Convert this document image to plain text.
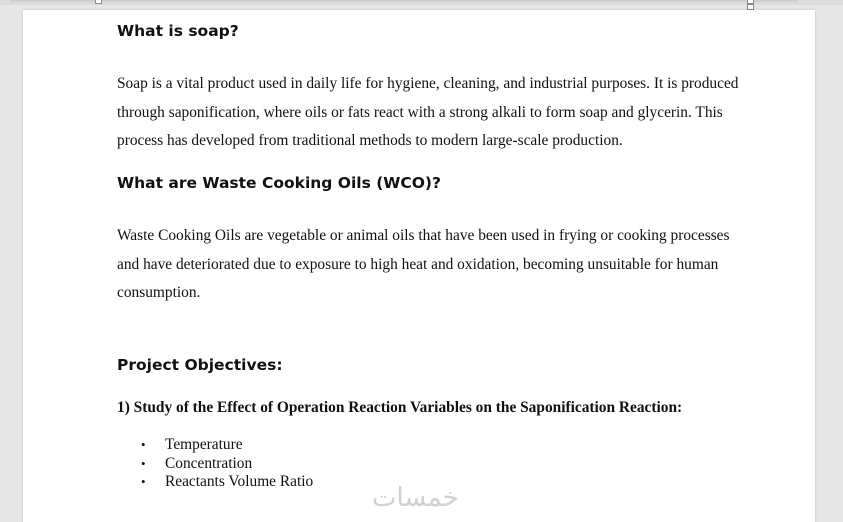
What is soap?
Soap is a vital product used in daily life for hygiene, cleaning, and industrial purposes. It is produced
through saponification, where oils or fats react with a strong alkali to form soap and glycerin. This
process has developed from traditional methods to modern large-scale production.
What are Waste Cooking Oils (WCO)?
Waste Cooking Oils are vegetable or animal oils that have been used in frying or cooking processes
and have deteriorated due to exposure to high heat and oxidation, becoming unsuitable for human
consumption.
Project Objectives:
1) Study of the Effect of Operation Reaction Variables on the Saponification Reaction:
• Temperature
• Concentration
• Reactants Volume Ratio
خمسات
